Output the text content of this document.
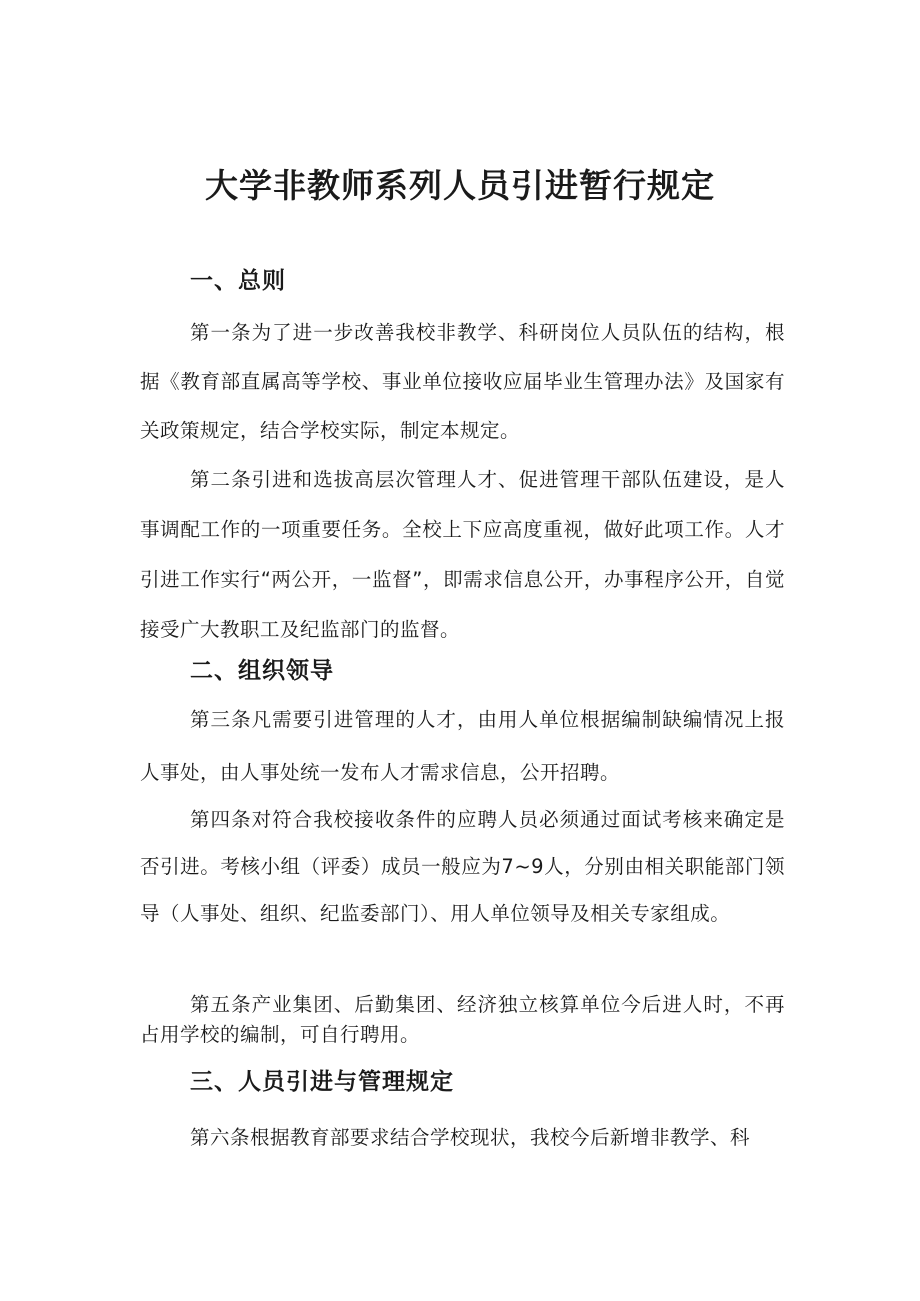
大学非教师系列人员引进暂行规定
一、总则

第一条为了进一步改善我校非教学、科研岗位人员队伍的结构，根据《教育部直属高等学校、事业单位接收应届毕业生管理办法》及国家有关政策规定，结合学校实际，制定本规定。

第二条引进和选拔高层次管理人才、促进管理干部队伍建设，是人事调配工作的一项重要任务。全校上下应高度重视，做好此项工作。人才引进工作实行“两公开，一监督”，即需求信息公开，办事程序公开，自觉接受广大教职工及纪监部门的监督。

二、组织领导

第三条凡需要引进管理的人才，由用人单位根据编制缺编情况上报人事处，由人事处统一发布人才需求信息，公开招聘。

第四条对符合我校接收条件的应聘人员必须通过面试考核来确定是否引进。考核小组（评委）成员一般应为7~9人，分别由相关职能部门领导（人事处、组织、纪监委部门）、用人单位领导及相关专家组成。

第五条产业集团、后勤集团、经济独立核算单位今后进人时，不再占用学校的编制，可自行聘用。

三、人员引进与管理规定

第六条根据教育部要求结合学校现状，我校今后新增非教学、科
